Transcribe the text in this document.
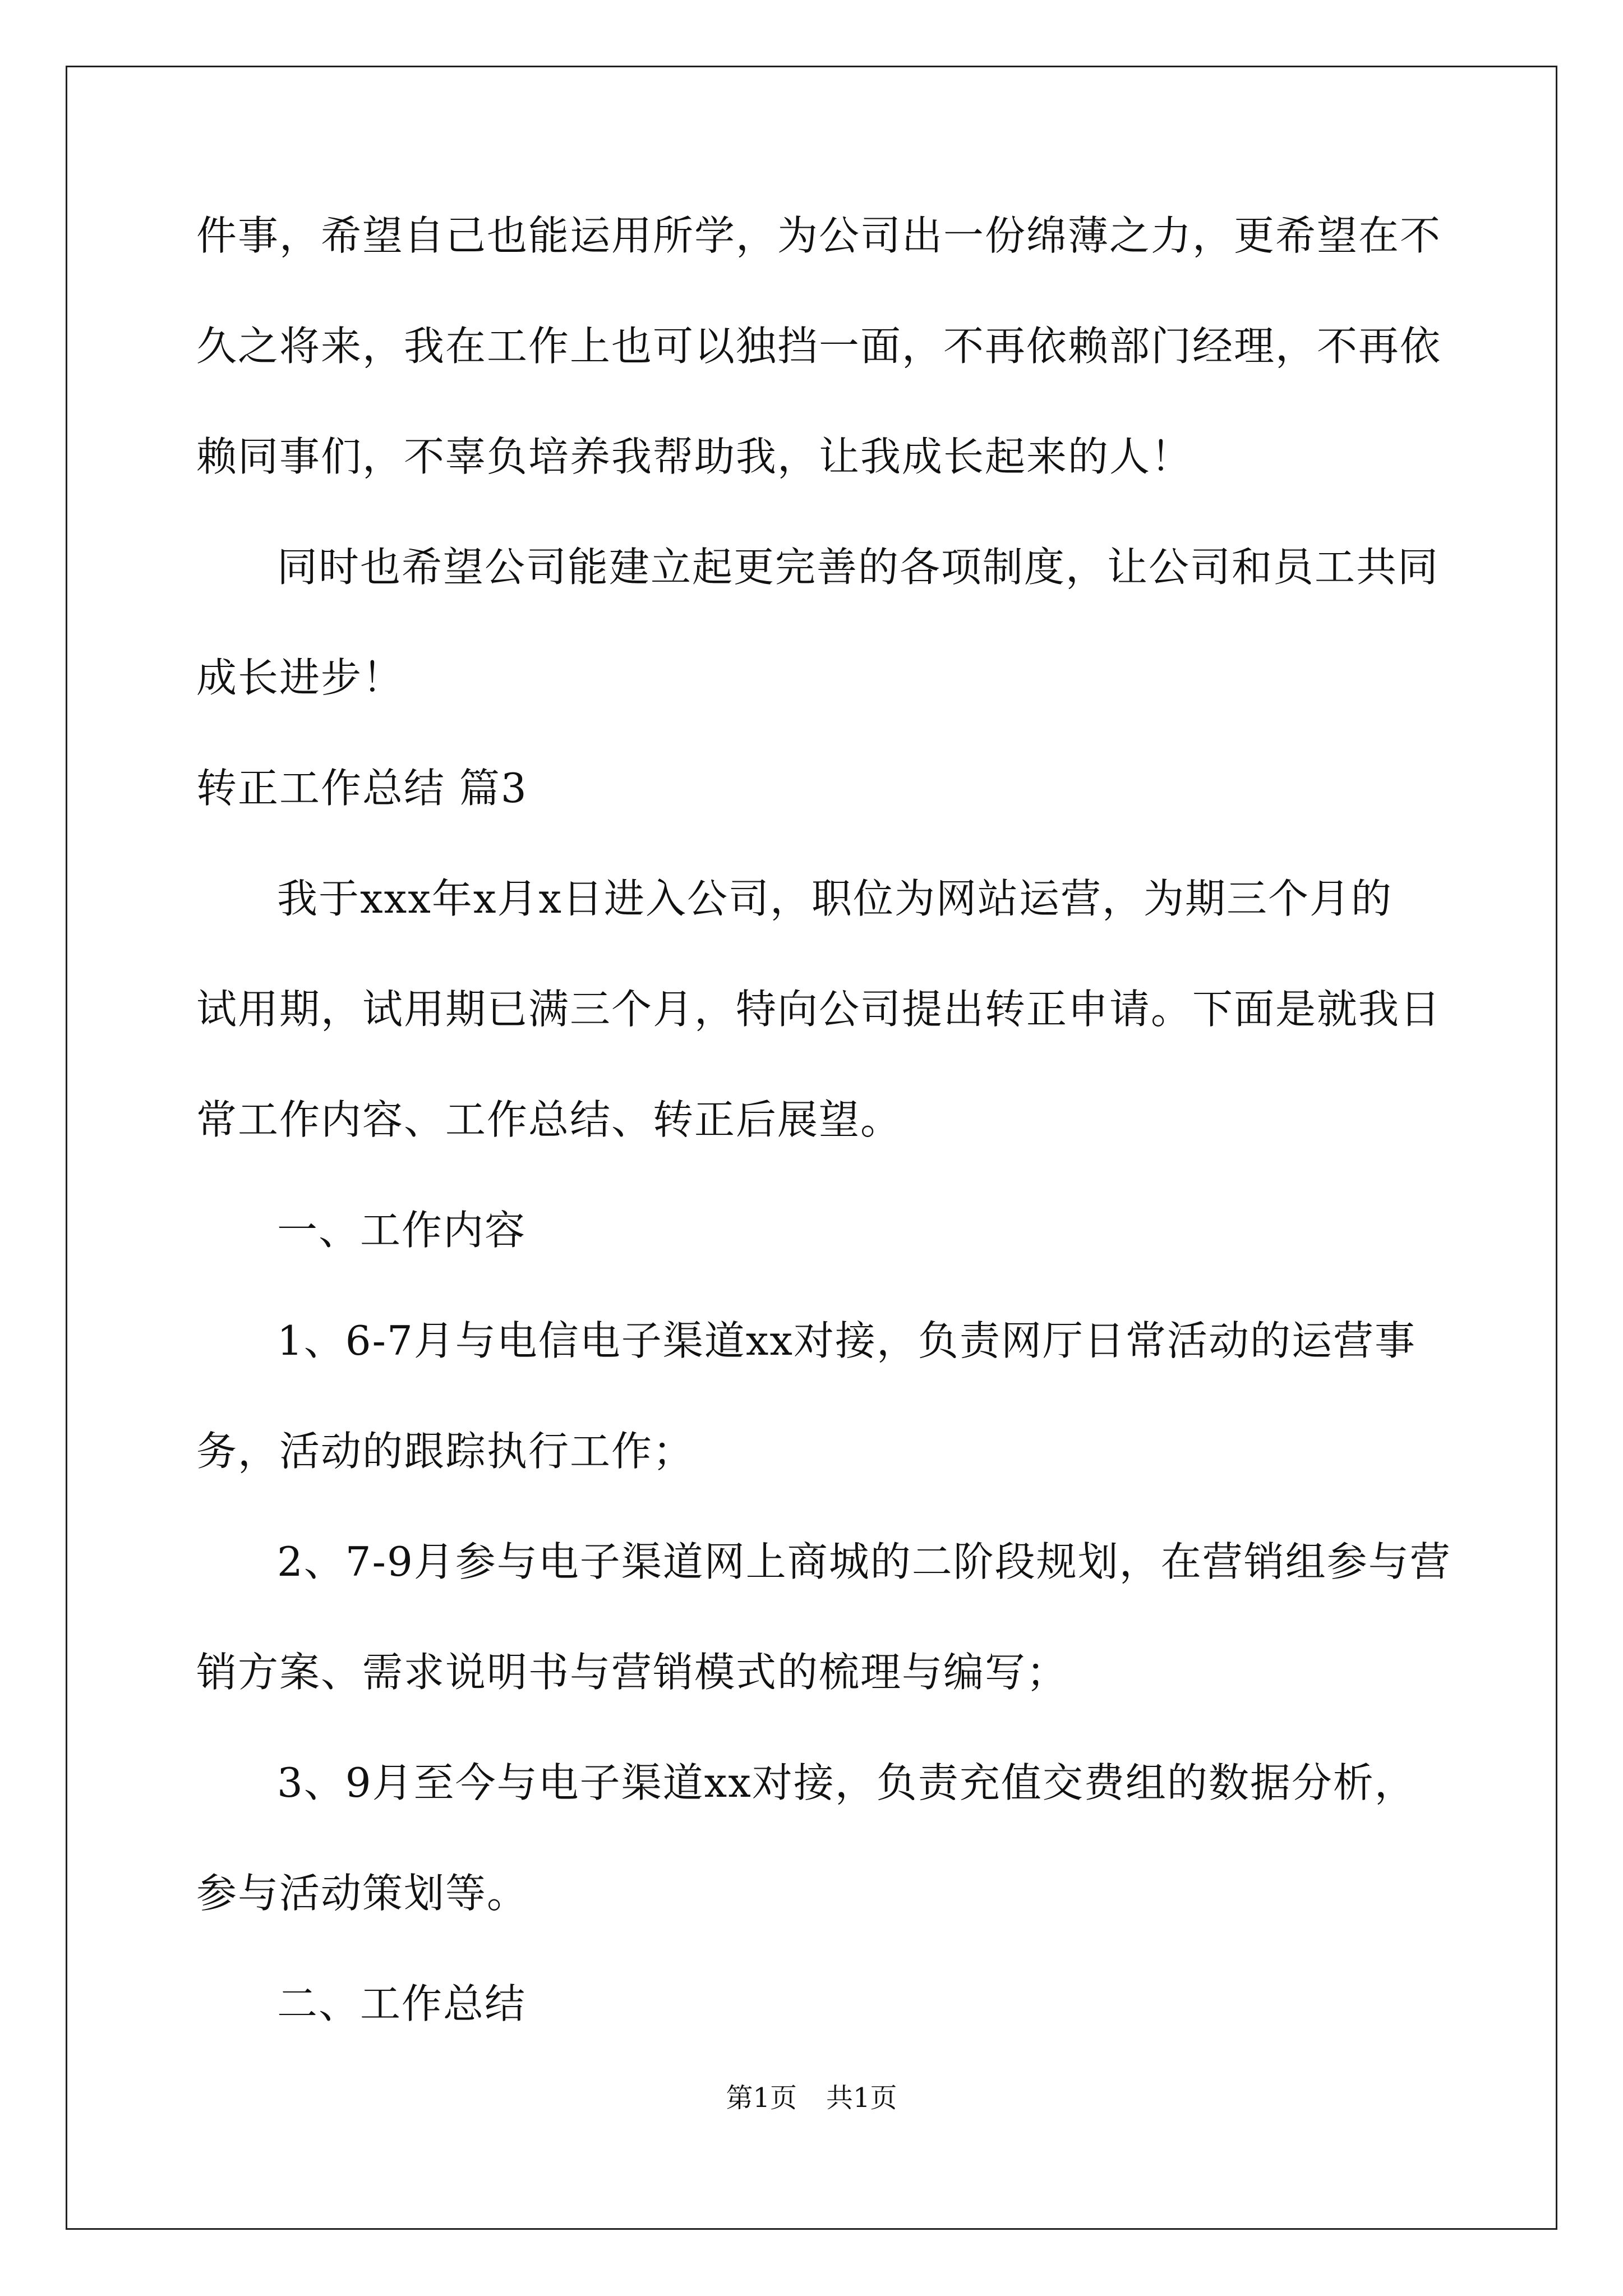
件事，希望自己也能运用所学，为公司出一份绵薄之力，更希望在不
久之将来，我在工作上也可以独挡一面，不再依赖部门经理，不再依
赖同事们，不辜负培养我帮助我，让我成长起来的人！
同时也希望公司能建立起更完善的各项制度，让公司和员工共同
成长进步！
转正工作总结 篇3
我于xxx年x月x日进入公司，职位为网站运营，为期三个月的
试用期，试用期已满三个月，特向公司提出转正申请。下面是就我日
常工作内容、工作总结、转正后展望。
一、工作内容
1、6-7月与电信电子渠道xx对接，负责网厅日常活动的运营事
务，活动的跟踪执行工作；
2、7-9月参与电子渠道网上商城的二阶段规划，在营销组参与营
销方案、需求说明书与营销模式的梳理与编写；
3、9月至今与电子渠道xx对接，负责充值交费组的数据分析，
参与活动策划等。
二、工作总结
第1页 共1页
